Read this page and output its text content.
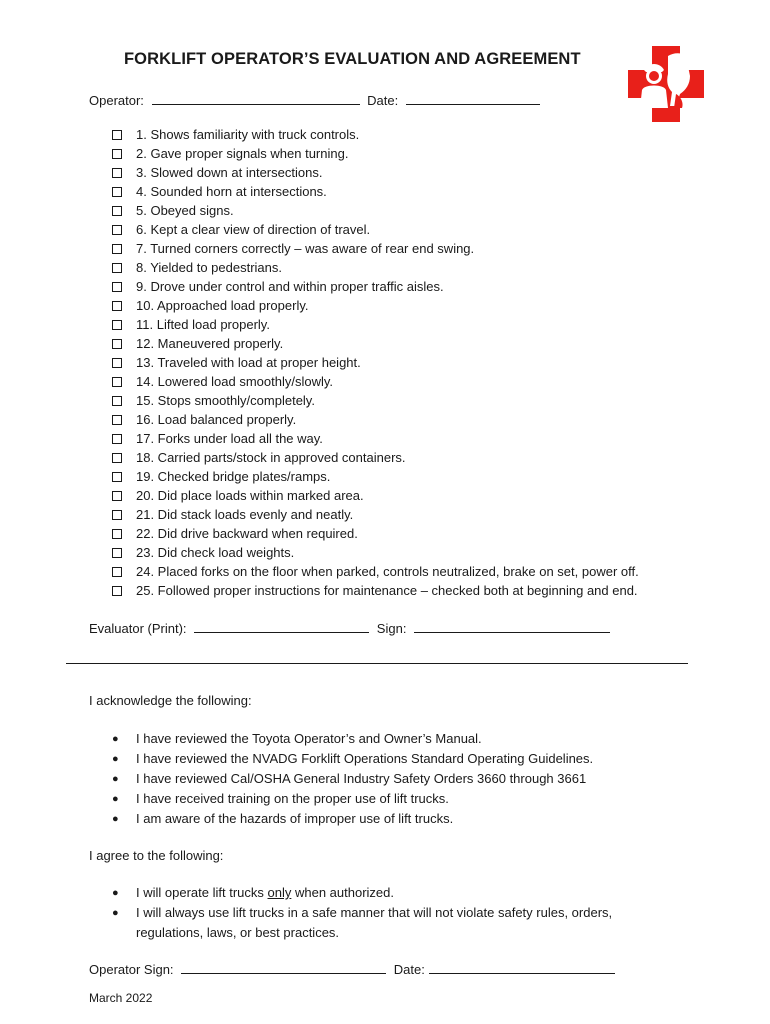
FORKLIFT OPERATOR’S EVALUATION AND AGREEMENT
Operator:	Date:
1. Shows familiarity with truck controls.
2. Gave proper signals when turning.
3. Slowed down at intersections.
4. Sounded horn at intersections.
5. Obeyed signs.
6. Kept a clear view of direction of travel.
7. Turned corners correctly – was aware of rear end swing.
8. Yielded to pedestrians.
9. Drove under control and within proper traffic aisles.
10. Approached load properly.
11. Lifted load properly.
12. Maneuvered properly.
13. Traveled with load at proper height.
14. Lowered load smoothly/slowly.
15. Stops smoothly/completely.
16. Load balanced properly.
17. Forks under load all the way.
18. Carried parts/stock in approved containers.
19. Checked bridge plates/ramps.
20. Did place loads within marked area.
21. Did stack loads evenly and neatly.
22. Did drive backward when required.
23. Did check load weights.
24. Placed forks on the floor when parked, controls neutralized, brake on set, power off.
25. Followed proper instructions for maintenance – checked both at beginning and end.
Evaluator (Print):	Sign:
I acknowledge the following:
●	I have reviewed the Toyota Operator’s and Owner’s Manual.
●	I have reviewed the NVADG Forklift Operations Standard Operating Guidelines.
●	I have reviewed Cal/OSHA General Industry Safety Orders 3660 through 3661
●	I have received training on the proper use of lift trucks.
●	I am aware of the hazards of improper use of lift trucks.
I agree to the following:
●	I will operate lift trucks only when authorized.
●	I will always use lift trucks in a safe manner that will not violate safety rules, orders, regulations, laws, or best practices.
Operator Sign:	Date:
March 2022
